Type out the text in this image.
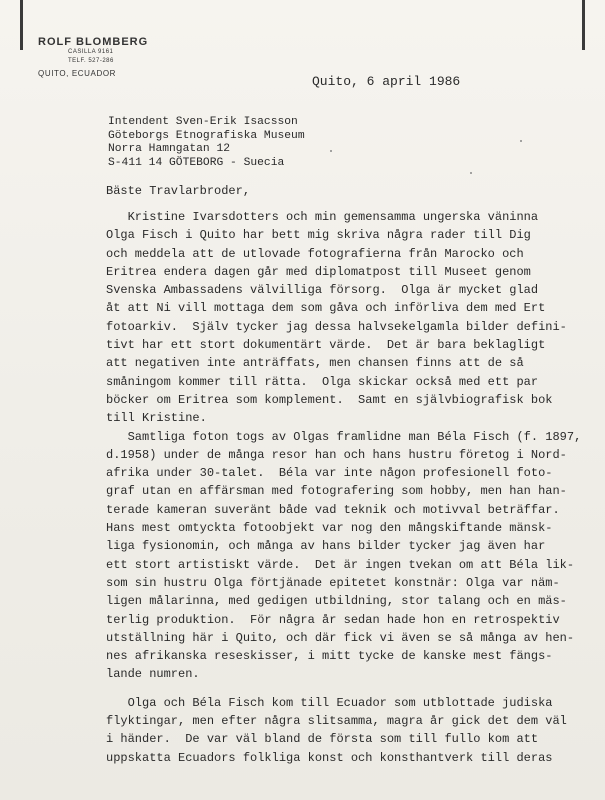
ROLF BLOMBERG
CASILLA 9161
TELF. 527-286
QUITO, ECUADOR
Quito, 6 april 1986
Intendent Sven-Erik Isacsson
Göteborgs Etnografiska Museum
Norra Hamngatan 12
S-411 14 GÖTEBORG - Suecia
Bäste Travlarbroder,
Kristine Ivarsdotters och min gemensamma ungerska väninna
Olga Fisch i Quito har bett mig skriva några rader till Dig
och meddela att de utlovade fotografierna från Marocko och
Eritrea endera dagen går med diplomatpost till Museet genom
Svenska Ambassadens välvilliga försorg.  Olga är mycket glad
åt att Ni vill mottaga dem som gåva och införliva dem med Ert
fotoarkiv.  Själv tycker jag dessa halvsekelgamla bilder defini-
tivt har ett stort dokumentärt värde.  Det är bara beklagligt
att negativen inte anträffats, men chansen finns att de så
småningom kommer till rätta.  Olga skickar också med ett par
böcker om Eritrea som komplement.  Samt en självbiografisk bok
till Kristine.
Samtliga foton togs av Olgas framlidne man Béla Fisch (f. 1897,
d.1958) under de många resor han och hans hustru företog i Nord-
afrika under 30-talet.  Béla var inte någon profesionell foto-
graf utan en affärsman med fotografering som hobby, men han han-
terade kameran suveränt både vad teknik och motivval beträffar.
Hans mest omtyckta fotoobjekt var nog den mångskiftande mänsk-
liga fysionomin, och många av hans bilder tycker jag även har
ett stort artistiskt värde.  Det är ingen tvekan om att Béla lik-
som sin hustru Olga förtjänade epitetet konstnär: Olga var näm-
ligen målarinna, med gedigen utbildning, stor talang och en mäs-
terlig produktion.  För några år sedan hade hon en retrospektiv
utställning här i Quito, och där fick vi även se så många av hen-
nes afrikanska reseskisser, i mitt tycke de kanske mest fängs-
lande numren.
Olga och Béla Fisch kom till Ecuador som utblottade judiska
flyktingar, men efter några slitsamma, magra år gick det dem väl
i händer.  De var väl bland de första som till fullo kom att
uppskatta Ecuadors folkliga konst och konsthantverk till deras
